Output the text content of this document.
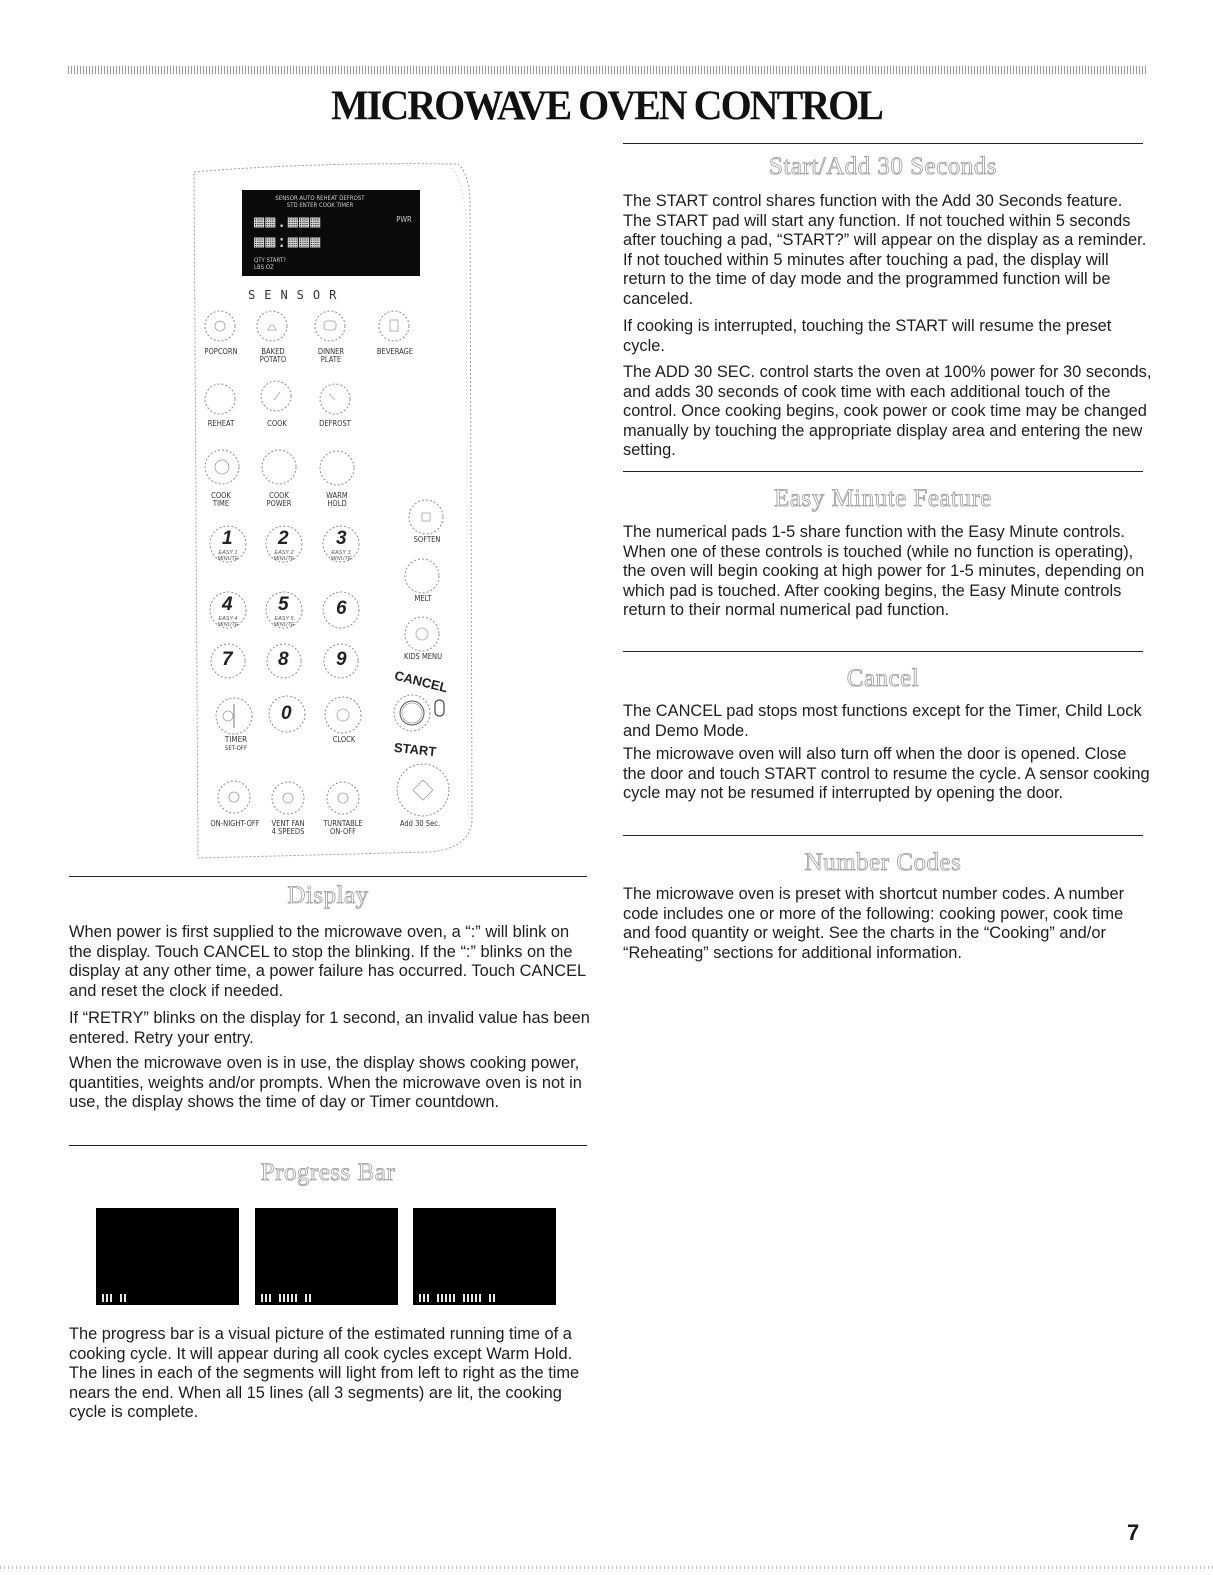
MICROWAVE OVEN CONTROL
SENSOR AUTO REHEAT DEFROST
STD ENTER COOK TIMER
▦▦.▦▦▦
▦▦:▦▦▦
PWR
QTY START?
LBS OZ
SENSOR
POPCORN	BAKED
POTATO
DINNER
PLATE
BEVERAGE
REHEAT	COOK	DEFROST
COOK
TIME
COOK
POWER
WARM
HOLD
SOFTEN
MELT
KIDS MENU
1 2 3
4 5 6
7 8 9
0
EASY 1
MINUTE
EASY 2
MINUTE
EASY 3
MINUTE
EASY 4
MINUTE
EASY 5
MINUTE
CANCEL
START
TIMER
SET-OFF
CLOCK
ON-NIGHT-OFF	VENT FAN
4 SPEEDS
TURNTABLE
ON-OFF
Add 30 Sec.
Display

When power is first supplied to the microwave oven, a “:” will blink on the display. Touch CANCEL to stop the blinking. If the “:” blinks on the display at any other time, a power failure has occurred. Touch CANCEL and reset the clock if needed.

If “RETRY” blinks on the display for 1 second, an invalid value has been entered. Retry your entry.

When the microwave oven is in use, the display shows cooking power, quantities, weights and/or prompts. When the microwave oven is not in use, the display shows the time of day or Timer countdown.

Progress Bar

The progress bar is a visual picture of the estimated running time of a cooking cycle. It will appear during all cook cycles except Warm Hold. The lines in each of the segments will light from left to right as the time nears the end. When all 15 lines (all 3 segments) are lit, the cooking cycle is complete.

Start/Add 30 Seconds

The START control shares function with the Add 30 Seconds feature. The START pad will start any function. If not touched within 5 seconds after touching a pad, “START?” will appear on the display as a reminder. If not touched within 5 minutes after touching a pad, the display will return to the time of day mode and the programmed function will be canceled.

If cooking is interrupted, touching the START will resume the preset cycle.

The ADD 30 SEC. control starts the oven at 100% power for 30 seconds, and adds 30 seconds of cook time with each additional touch of the control. Once cooking begins, cook power or cook time may be changed manually by touching the appropriate display area and entering the new setting.

Easy Minute Feature

The numerical pads 1-5 share function with the Easy Minute controls. When one of these controls is touched (while no function is operating), the oven will begin cooking at high power for 1-5 minutes, depending on which pad is touched. After cooking begins, the Easy Minute controls return to their normal numerical pad function.

Cancel

The CANCEL pad stops most functions except for the Timer, Child Lock and Demo Mode.

The microwave oven will also turn off when the door is opened. Close the door and touch START control to resume the cycle. A sensor cooking cycle may not be resumed if interrupted by opening the door.

Number Codes

The microwave oven is preset with shortcut number codes. A number code includes one or more of the following: cooking power, cook time and food quantity or weight. See the charts in the “Cooking” and/or “Reheating” sections for additional information.

7
